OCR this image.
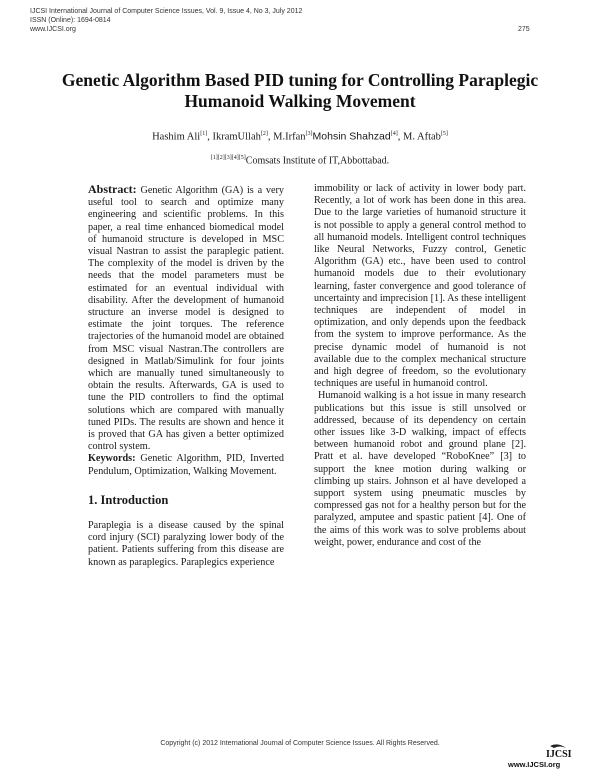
IJCSI International Journal of Computer Science Issues, Vol. 9, Issue 4, No 3, July 2012
ISSN (Online): 1694-0814
www.IJCSI.org	275
Genetic Algorithm Based PID tuning for Controlling Paraplegic Humanoid Walking Movement
Hashim Ali[1], IkramUllah[2], M.Irfan[3]Mohsin Shahzad[4], M. Aftab[5]
[1][2][3][4][5]Comsats Institute of IT,Abbottabad.

Abstract: Genetic Algorithm (GA) is a very useful tool to search and optimize many engineering and scientific problems. In this paper, a real time enhanced biomedical model of humanoid structure is developed in MSC visual Nastran to assist the paraplegic patient. The complexity of the model is driven by the needs that the model parameters must be estimated for an eventual individual with disability. After the development of humanoid structure an inverse model is designed to estimate the joint torques. The reference trajectories of the humanoid model are obtained from MSC visual Nastran.The controllers are designed in Matlab/Simulink for four joints which are manually tuned simultaneously to obtain the results. Afterwards, GA is used to tune the PID controllers to find the optimal solutions which are compared with manually tuned PIDs. The results are shown and hence it is proved that GA has given a better optimized control system.

Keywords: Genetic Algorithm, PID, Inverted Pendulum, Optimization, Walking Movement.

1. Introduction

Paraplegia is a disease caused by the spinal cord injury (SCI) paralyzing lower body of the patient. Patients suffering from this disease are known as paraplegics. Paraplegics experience

immobility or lack of activity in lower body part. Recently, a lot of work has been done in this area. Due to the large varieties of humanoid structure it is not possible to apply a general control method to all humanoid models. Intelligent control techniques like Neural Networks, Fuzzy control, Genetic Algorithm (GA) etc., have been used to control humanoid models due to their evolutionary learning, faster convergence and good tolerance of uncertainty and imprecision [1]. As these intelligent techniques are independent of model in optimization, and only depends upon the feedback from the system to improve performance. As the precise dynamic model of humanoid is not available due to the complex mechanical structure and high degree of freedom, so the evolutionary techniques are useful in humanoid control.

Humanoid walking is a hot issue in many research publications but this issue is still unsolved or addressed, because of its dependency on certain other issues like 3-D walking, impact of effects between humanoid robot and ground plane [2]. Pratt et al. have developed “RoboKnee” [3] to support the knee motion during walking or climbing up stairs. Johnson et al have developed a support system using pneumatic muscles by compressed gas not for a healthy person but for the paralyzed, amputee and spastic patient [4]. One of the aims of this work was to solve problems about weight, power, endurance and cost of the

Copyright (c) 2012 International Journal of Computer Science Issues. All Rights Reserved.
IJCSI
www.IJCSI.org
